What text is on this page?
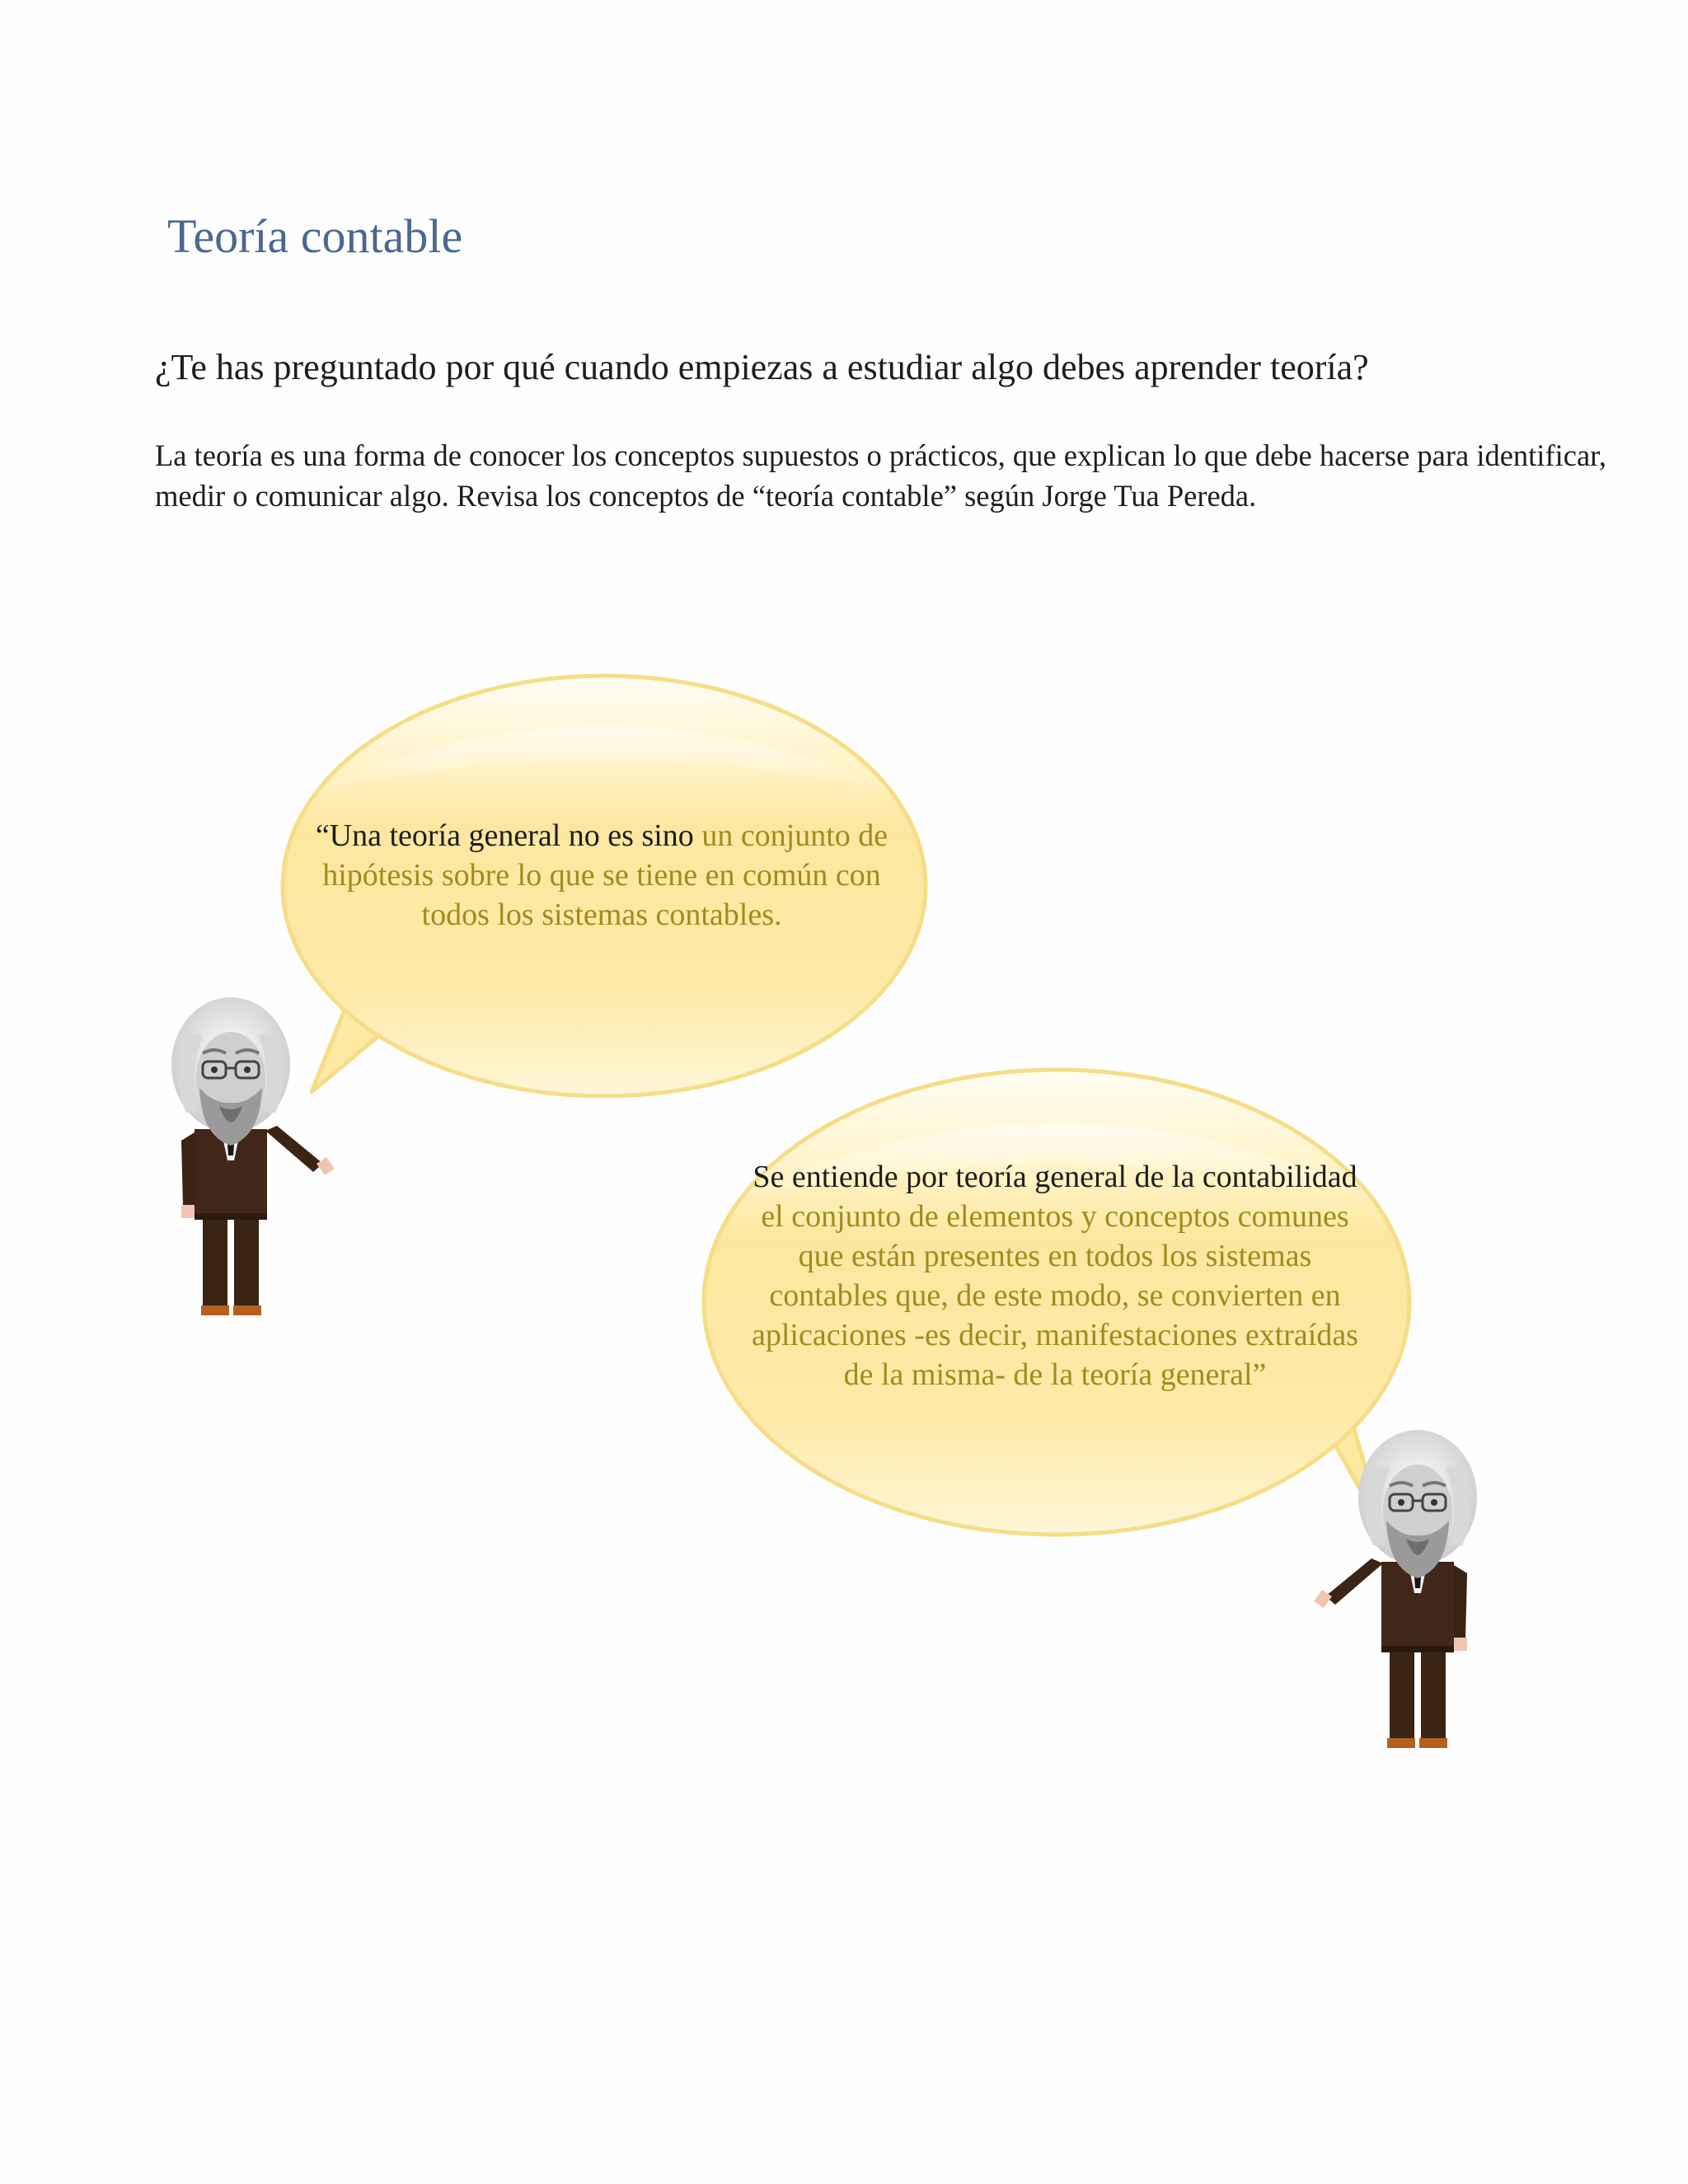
Teoría contable
¿Te has preguntado por qué cuando empiezas a estudiar algo debes aprender teoría?

La teoría es una forma de conocer los conceptos supuestos o prácticos, que explican lo que debe hacerse para identificar, medir o comunicar algo. Revisa los conceptos de “teoría contable” según Jorge Tua Pereda.

“Una teoría general no es sino un conjunto de hipótesis sobre lo que se tiene en común con todos los sistemas contables.

Se entiende por teoría general de la contabilidad el conjunto de elementos y conceptos comunes que están presentes en todos los sistemas contables que, de este modo, se convierten en aplicaciones -es decir, manifestaciones extraídas de la misma- de la teoría general”
